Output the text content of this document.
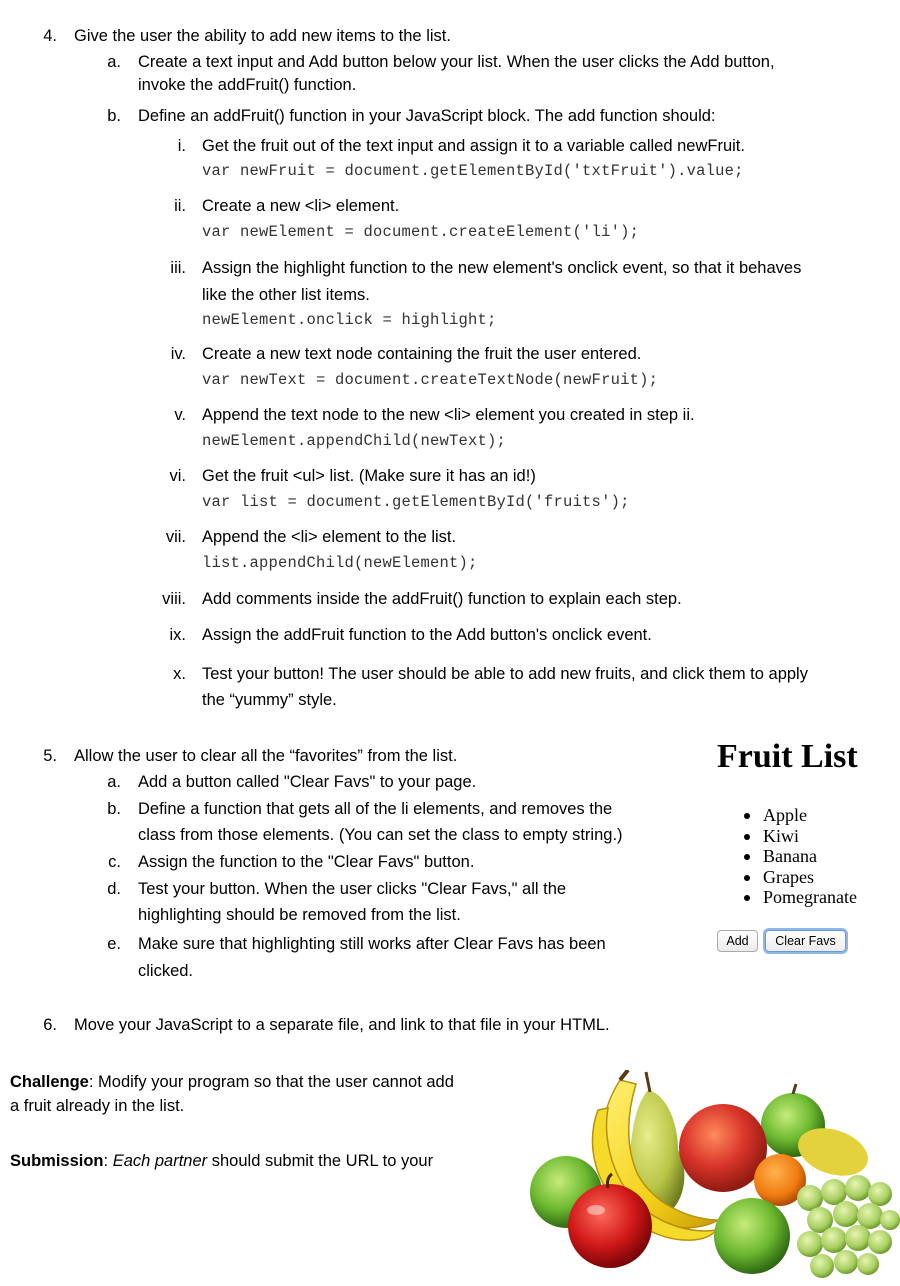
4. Give the user the ability to add new items to the list.
a. Create a text input and Add button below your list. When the user clicks the Add button,
invoke the addFruit() function.
b. Define an addFruit() function in your JavaScript block. The add function should:
i. Get the fruit out of the text input and assign it to a variable called newFruit.
var newFruit = document.getElementById('txtFruit').value;
ii. Create a new <li> element.
var newElement = document.createElement('li');
iii. Assign the highlight function to the new element's onclick event, so that it behaves
like the other list items.
newElement.onclick = highlight;
iv. Create a new text node containing the fruit the user entered.
var newText = document.createTextNode(newFruit);
v. Append the text node to the new <li> element you created in step ii.
newElement.appendChild(newText);
vi. Get the fruit <ul> list. (Make sure it has an id!)
var list = document.getElementById('fruits');
vii. Append the <li> element to the list.
list.appendChild(newElement);
viii. Add comments inside the addFruit() function to explain each step.
ix. Assign the addFruit function to the Add button's onclick event.
x. Test your button! The user should be able to add new fruits, and click them to apply
the “yummy” style.
5. Allow the user to clear all the “favorites” from the list.
a. Add a button called "Clear Favs" to your page.
b. Define a function that gets all of the li elements, and removes the
class from those elements. (You can set the class to empty string.)
c. Assign the function to the "Clear Favs" button.
d. Test your button. When the user clicks "Clear Favs," all the
highlighting should be removed from the list.
e. Make sure that highlighting still works after Clear Favs has been
clicked.
Fruit List
Apple
Kiwi
Banana
Grapes
Pomegranate
Add	Clear Favs
6. Move your JavaScript to a separate file, and link to that file in your HTML.
Challenge: Modify your program so that the user cannot add
a fruit already in the list.
Submission: Each partner should submit the URL to your
